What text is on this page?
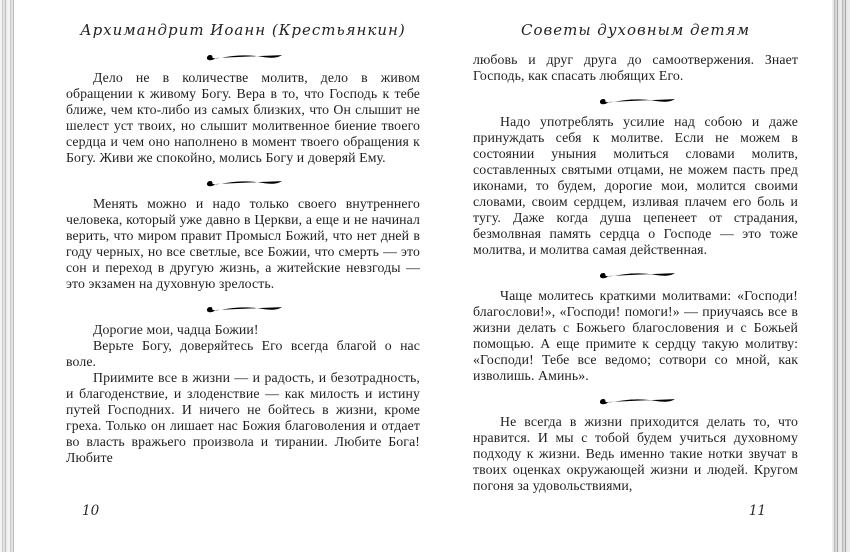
Архимандрит Иоанн (Крестьянкин)

Дело не в количестве молитв, дело в живом обращении к живому Богу. Вера в то, что Господь к тебе ближе, чем кто-либо из самых близких, что Он слышит не шелест уст твоих, но слышит молитвенное биение твоего сердца и чем оно наполнено в момент твоего обращения к Богу. Живи же спокойно, молись Богу и доверяй Ему.

Менять можно и надо только своего внутреннего человека, который уже давно в Церкви, а еще и не начинал верить, что миром правит Промысл Божий, что нет дней в году черных, но все светлые, все Божии, что смерть — это сон и переход в другую жизнь, а житейские невзгоды — это экзамен на духовную зрелость.

Дорогие мои, чадца Божии!

Верьте Богу, доверяйтесь Его всегда благой о нас воле.

Приимите все в жизни — и радость, и безотрадность, и благоденствие, и злоденствие — как милость и истину путей Господних. И ничего не бойтесь в жизни, кроме греха. Только он лишает нас Божия благоволения и отдает во власть вражьего произвола и тирании. Любите Бога! Любите

10
Советы духовным детям

любовь и друг друга до самоотвержения. Знает Господь, как спасать любящих Его.

Надо употреблять усилие над собою и даже принуждать себя к молитве. Если не можем в состоянии уныния молиться словами молитв, составленных святыми отцами, не можем пасть пред иконами, то будем, дорогие мои, молится своими словами, своим сердцем, изливая плачем его боль и тугу. Даже когда душа цепенеет от страдания, безмолвная память сердца о Господе — это тоже молитва, и молитва самая действенная.

Чаще молитесь краткими молитвами: «Господи! благослови!», «Господи! помоги!» — приучаясь все в жизни делать с Божьего благословения и с Божьей помощью. А еще примите к сердцу такую молитву: «Господи! Тебе все ведомо; сотвори со мной, как изволишь. Аминь».

Не всегда в жизни приходится делать то, что нравится. И мы с тобой будем учиться духовному подходу к жизни. Ведь именно такие нотки звучат в твоих оценках окружающей жизни и людей. Кругом погоня за удовольствиями,

11
